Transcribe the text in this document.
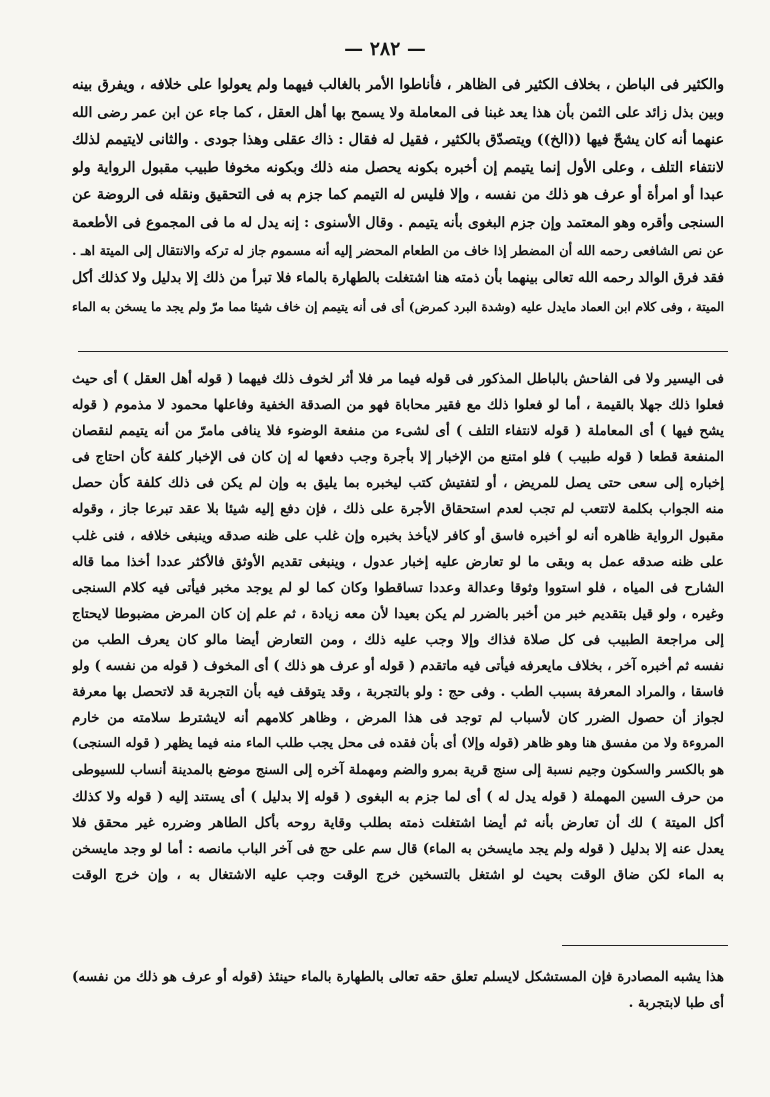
— ٢٨٢ —
والكثير فى الباطن ، بخلاف الكثير فى الظاهر ، فأناطوا الأمر بالغالب فيهما ولم يعولوا على خلافه ، ويفرق بينه
وبين بذل زائد على الثمن بأن هذا يعد غبنا فى المعاملة ولا يسمح بها أهل العقل ، كما جاء عن ابن عمر رضى الله
عنهما أنه كان يشحّ فيها ((الخ)) ويتصدّق بالكثير ، فقيل له فقال : ذاك عقلى وهذا جودى . والثانى لايتيمم لذلك
لانتفاء التلف ، وعلى الأول إنما يتيمم إن أخبره بكونه يحصل منه ذلك وبكونه مخوفا طبيب مقبول الرواية ولو
عبدا أو امرأة أو عرف هو ذلك من نفسه ، وإلا فليس له التيمم كما جزم به فى التحقيق ونقله فى الروضة عن
السنجى وأقره وهو المعتمد وإن جزم البغوى بأنه يتيمم . وقال الأسنوى : إنه يدل له ما فى المجموع فى الأطعمة
عن نص الشافعى رحمه الله أن المضطر إذا خاف من الطعام المحضر إليه أنه مسموم جاز له تركه والانتقال إلى الميتة اهـ .
فقد فرق الوالد رحمه الله تعالى بينهما بأن ذمته هنا اشتغلت بالطهارة بالماء فلا تبرأ من ذلك إلا بدليل ولا كذلك أكل
الميتة ، وفى كلام ابن العماد مايدل عليه (وشدة البرد كمرض) أى فى أنه يتيمم إن خاف شيئا مما مرّ ولم يجد ما يسخن به الماء
فى اليسير ولا فى الفاحش بالباطل المذكور فى قوله فيما مر فلا أثر لخوف ذلك فيهما ( قوله أهل العقل ) أى حيث
فعلوا ذلك جهلا بالقيمة ، أما لو فعلوا ذلك مع فقير محاباة فهو من الصدقة الخفية وفاعلها محمود لا مذموم ( قوله
يشح فيها ) أى المعاملة ( قوله لانتفاء التلف ) أى لشىء من منفعة الوضوء فلا ينافى مامرّ من أنه يتيمم لنقصان
المنفعة قطعا ( قوله طبيب ) فلو امتنع من الإخبار إلا بأجرة وجب دفعها له إن كان فى الإخبار كلفة كأن احتاج فى
إخباره إلى سعى حتى يصل للمريض ، أو لتفتيش كتب ليخبره بما يليق به وإن لم يكن فى ذلك كلفة كأن حصل
منه الجواب بكلمة لاتتعب لم تجب لعدم استحقاق الأجرة على ذلك ، فإن دفع إليه شيئا بلا عقد تبرعا جاز ، وقوله
مقبول الرواية ظاهره أنه لو أخبره فاسق أو كافر لايأخذ بخبره وإن غلب على ظنه صدقه وينبغى خلافه ، فنى غلب
على ظنه صدقه عمل به وبقى ما لو تعارض عليه إخبار عدول ، وينبغى تقديم الأوثق فالأكثر عددا أخذا مما قاله
الشارح فى المياه ، فلو استووا وثوقا وعدالة وعددا تساقطوا وكان كما لو لم يوجد مخبر فيأتى فيه كلام السنجى
وغيره ، ولو قيل بتقديم خبر من أخبر بالضرر لم يكن بعيدا لأن معه زيادة ، ثم علم إن كان المرض مضبوطا لايحتاج
إلى مراجعة الطبيب فى كل صلاة فذاك وإلا وجب عليه ذلك ، ومن التعارض أيضا مالو كان يعرف الطب من
نفسه ثم أخبره آخر ، بخلاف مايعرفه فيأتى فيه ماتقدم ( قوله أو عرف هو ذلك ) أى المخوف ( قوله من نفسه ) ولو
فاسقا ، والمراد المعرفة بسبب الطب . وفى حج : ولو بالتجربة ، وقد يتوقف فيه بأن التجربة قد لاتحصل بها معرفة
لجواز أن حصول الضرر كان لأسباب لم توجد فى هذا المرض ، وظاهر كلامهم أنه لايشترط سلامته من خارم
المروءة ولا من مفسق هنا وهو ظاهر (قوله وإلا) أى بأن فقده فى محل يجب طلب الماء منه فيما يظهر ( قوله السنجى)
هو بالكسر والسكون وجيم نسبة إلى سنج قرية بمرو والضم ومهملة آخره إلى السنج موضع بالمدينة أنساب للسيوطى
من حرف السين المهملة ( قوله يدل له ) أى لما جزم به البغوى ( قوله إلا بدليل ) أى يستند إليه ( قوله ولا كذلك
أكل الميتة ) لك أن تعارض بأنه ثم أيضا اشتغلت ذمته بطلب وقاية روحه بأكل الطاهر وضرره غير محقق فلا
يعدل عنه إلا بدليل ( قوله ولم يجد مايسخن به الماء) قال سم على حج فى آخر الباب مانصه : أما لو وجد مايسخن
به الماء لكن ضاق الوقت بحيث لو اشتغل بالتسخين خرج الوقت وجب عليه الاشتغال به ، وإن خرج الوقت
هذا يشبه المصادرة فإن المستشكل لايسلم تعلق حقه تعالى بالطهارة بالماء حينئذ (قوله أو عرف هو ذلك من نفسه)
أى طبا لابتجربة .
